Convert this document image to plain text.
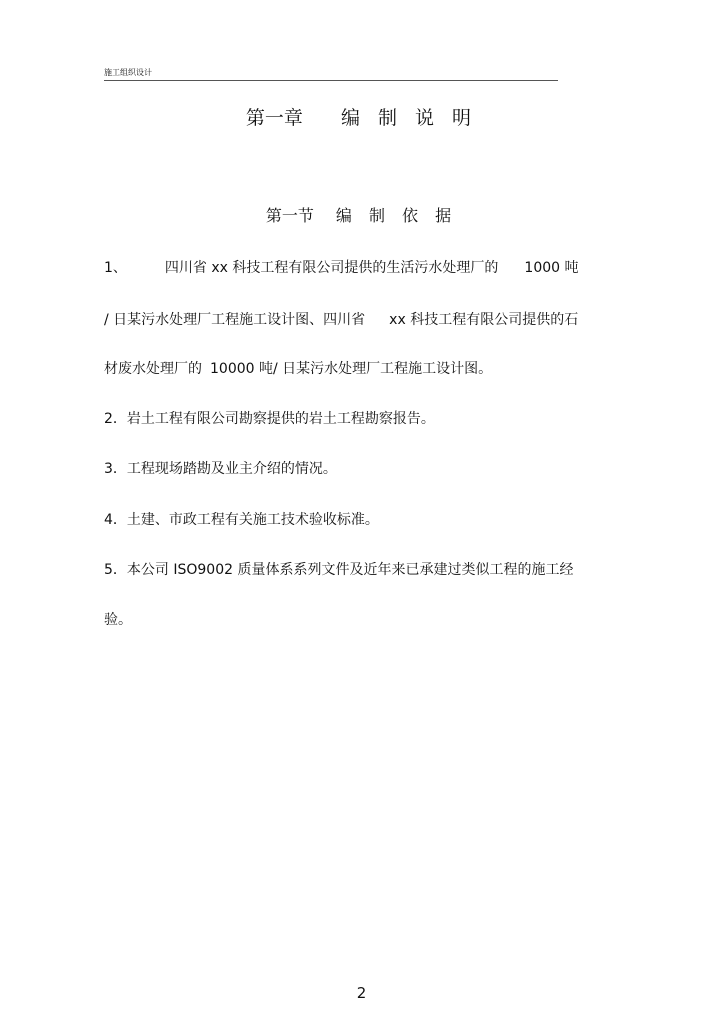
施工组织设计
第一章 编 制 说 明
第一节 编 制 依 据
1、	四川省 xx 科技工程有限公司提供的生活污水处理厂的 1000 吨
/ 日某污水处理厂工程施工设计图、四川省 xx 科技工程有限公司提供的石
材废水处理厂的 10000 吨/ 日某污水处理厂工程施工设计图。
2．岩土工程有限公司勘察提供的岩土工程勘察报告。
3．工程现场踏勘及业主介绍的情况。
4．土建、市政工程有关施工技术验收标准。
5．本公司 ISO9002 质量体系系列文件及近年来已承建过类似工程的施工经
验。
2
